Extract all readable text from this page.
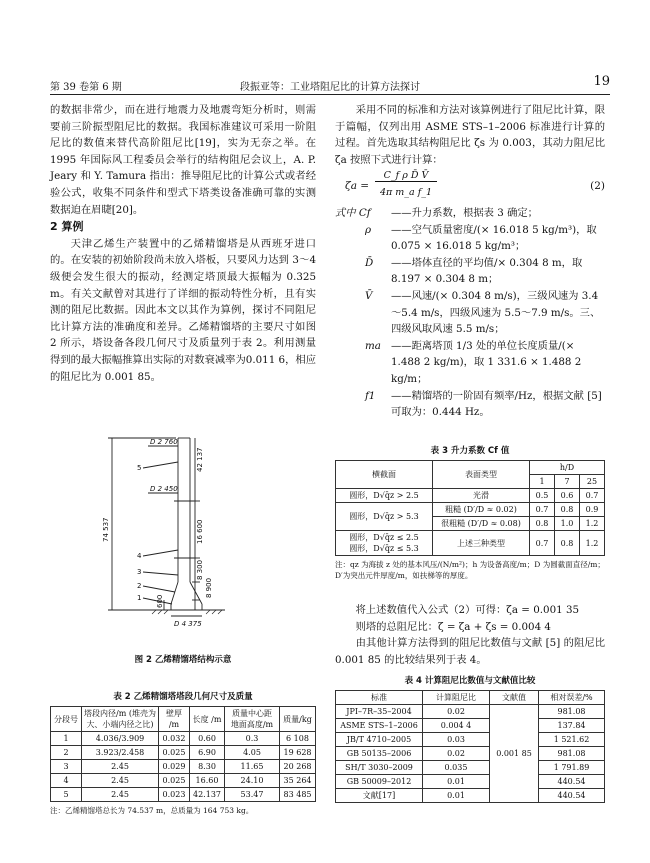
第 39 卷第 6 期	段振亚等：工业塔阻尼比的计算方法探讨	19

的数据非常少，而在进行地震力及地震弯矩分析时，则需要前三阶振型阻尼比的数据。我国标准建议可采用一阶阻尼比的数值来替代高阶阻尼比[19]，实为无奈之举。在 1995 年国际风工程委员会举行的结构阻尼会议上，A. P. Jeary 和 Y. Tamura 指出：推导阻尼比的计算公式或者经验公式，收集不同条件和型式下塔类设备准确可靠的实测数据迫在眉睫[20]。

2 算例

天津乙烯生产装置中的乙烯精馏塔是从西班牙进口的。在安装的初始阶段尚未放入塔板，只要风力达到 3～4 级便会发生很大的振动，经测定塔顶最大振幅为 0.325 m。有关文献曾对其进行了详细的振动特性分析，且有实测的阻尼比数据。因此本文以其作为算例，探讨不同阻尼比计算方法的准确度和差异。乙烯精馏塔的主要尺寸如图 2 所示，塔设备各段几何尺寸及质量列于表 2。利用测量得到的最大振幅推算出实际的对数衰减率为0.011 6，相应的阻尼比为 0.001 85。

D 2 760
D 2 450
42 137
16 600
8 300
8 900
600
D 4 375
74 537
5
4
3
2
1
图 2 乙烯精馏塔结构示意
表 2 乙烯精馏塔塔段几何尺寸及质量
分段号	塔段内径/m (堆壳为大、小端内径之比)	壁厚 /m	长度 /m	质量中心距 地面高度/m	质量/kg
1	4.036/3.909	0.032	0.60	0.3	6 108
2	3.923/2.458	0.025	6.90	4.05	19 628
3	2.45	0.029	8.30	11.65	20 268
4	2.45	0.025	16.60	24.10	35 264
5	2.45	0.023	42.137	53.47	83 485
注：乙烯精馏塔总长为 74.537 m，总质量为 164 753 kg。

采用不同的标准和方法对该算例进行了阻尼比计算，限于篇幅，仅列出用 ASME STS–1–2006 标准进行计算的过程。首先选取其结构阻尼比 ζs 为 0.003，其动力阻尼比 ζa 按照下式进行计算：

ζa =
C_f ρ D̄ V̄
4π m_a f_1
(2)
式中 Cf ——升力系数，根据表 3 确定；
ρ ——空气质量密度/(× 16.018 5 kg/m³)，取 0.075 × 16.018 5 kg/m³；
D̄ ——塔体直径的平均值/× 0.304 8 m，取 8.197 × 0.304 8 m；
V̄ ——风速/(× 0.304 8 m/s)，三级风速为 3.4～5.4 m/s，四级风速为 5.5～7.9 m/s。三、四级风取风速 5.5 m/s；
ma ——距离塔顶 1/3 处的单位长度质量/(× 1.488 2 kg/m)，取 1 331.6 × 1.488 2 kg/m；
f1 ——精馏塔的一阶固有频率/Hz，根据文献 [5] 可取为：0.444 Hz。
表 3 升力系数 Cf 值
横截面	表面类型	h/D		
		1	7	25
圆形，D√q̄z > 2.5	光滑	0.5	0.6	0.7
圆形，D√q̄z > 5.3	粗糙 (D′/D ≈ 0.02)	0.7	0.8	0.9
	很粗糙 (D′/D ≈ 0.08)	0.8	1.0	1.2

圆形，D√q̄z ≤ 2.5
圆形，D√q̄z ≤ 5.3	上述三种类型	0.7	0.8	1.2
注：qz 为海拔 z 处的基本风压/(N/m²)；h 为设备高度/m；D 为圆截面直径/m；D′为突出元件厚度/m，如扶梯等的厚度。

将上述数值代入公式（2）可得：ζa = 0.001 35

则塔的总阻尼比：ζ = ζa + ζs = 0.004 4

由其他计算方法得到的阻尼比数值与文献 [5] 的阻尼比 0.001 85 的比较结果列于表 4。

表 4 计算阻尼比数值与文献值比较
标准	计算阻尼比	文献值	相对误差/%
JPI–7R–35–2004	0.02	0.001 85	981.08
ASME STS–1–2006	0.004 4		137.84
JB/T 4710–2005	0.03		1 521.62
GB 50135–2006	0.02		981.08
SH/T 3030–2009	0.035		1 791.89
GB 50009–2012	0.01		440.54
文献[17]	0.01		440.54
